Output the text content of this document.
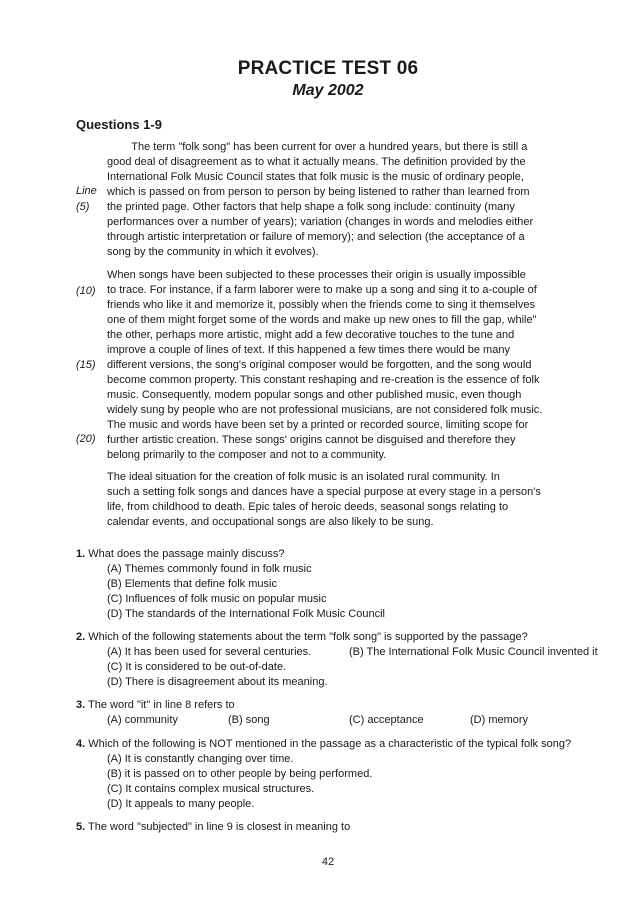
PRACTICE TEST 06
May 2002
Questions 1-9
Line
(5)
(10)
(15)
(20)
The term "folk song" has been current for over a hundred years, but there is still a
good deal of disagreement as to what it actually means. The definition provided by the
International Folk Music Council states that folk music is the music of ordinary people,
which is passed on from person to person by being listened to rather than learned from
the printed page. Other factors that help shape a folk song include: continuity (many
performances over a number of years); variation (changes in words and melodies either
through artistic interpretation or failure of memory); and selection (the acceptance of a
song by the community in which it evolves).
When songs have been subjected to these processes their origin is usually impossible
to trace. For instance, if a farm laborer were to make up a song and sing it to a-couple of
friends who like it and memorize it, possibly when the friends come to sing it themselves
one of them might forget some of the words and make up new ones to fill the gap, while"
the other, perhaps more artistic, might add a few decorative touches to the tune and
improve a couple of lines of text. If this happened a few times there would be many
different versions, the song's original composer would be forgotten, and the song would
become common property. This constant reshaping and re-creation is the essence of folk
music. Consequently, modem popular songs and other published music, even though
widely sung by people who are not professional musicians, are not considered folk music.
The music and words have been set by a printed or recorded source, limiting scope for
further artistic creation. These songs' origins cannot be disguised and therefore they
belong primarily to the composer and not to a community.
The ideal situation for the creation of folk music is an isolated rural community. In
such a setting folk songs and dances have a special purpose at every stage in a person's
life, from childhood to death. Epic tales of heroic deeds, seasonal songs relating to
calendar events, and occupational songs are also likely to be sung.
1. What does the passage mainly discuss?
(A) Themes commonly found in folk music
(B) Elements that define folk music
(C) Influences of folk music on popular music
(D) The standards of the International Folk Music Council
2. Which of the following statements about the term "folk song" is supported by the passage?
(A) It has been used for several centuries.	(B) The International Folk Music Council invented it
(C) It is considered to be out-of-date.
(D) There is disagreement about its meaning.
3. The word "it" in line 8 refers to
(A) community	(B) song	(C) acceptance	(D) memory
4. Which of the following is NOT mentioned in the passage as a characteristic of the typical folk song?
(A) It is constantly changing over time.
(B) it is passed on to other people by being performed.
(C) It contains complex musical structures.
(D) It appeals to many people.
5. The word "subjected" in line 9 is closest in meaning to
42
